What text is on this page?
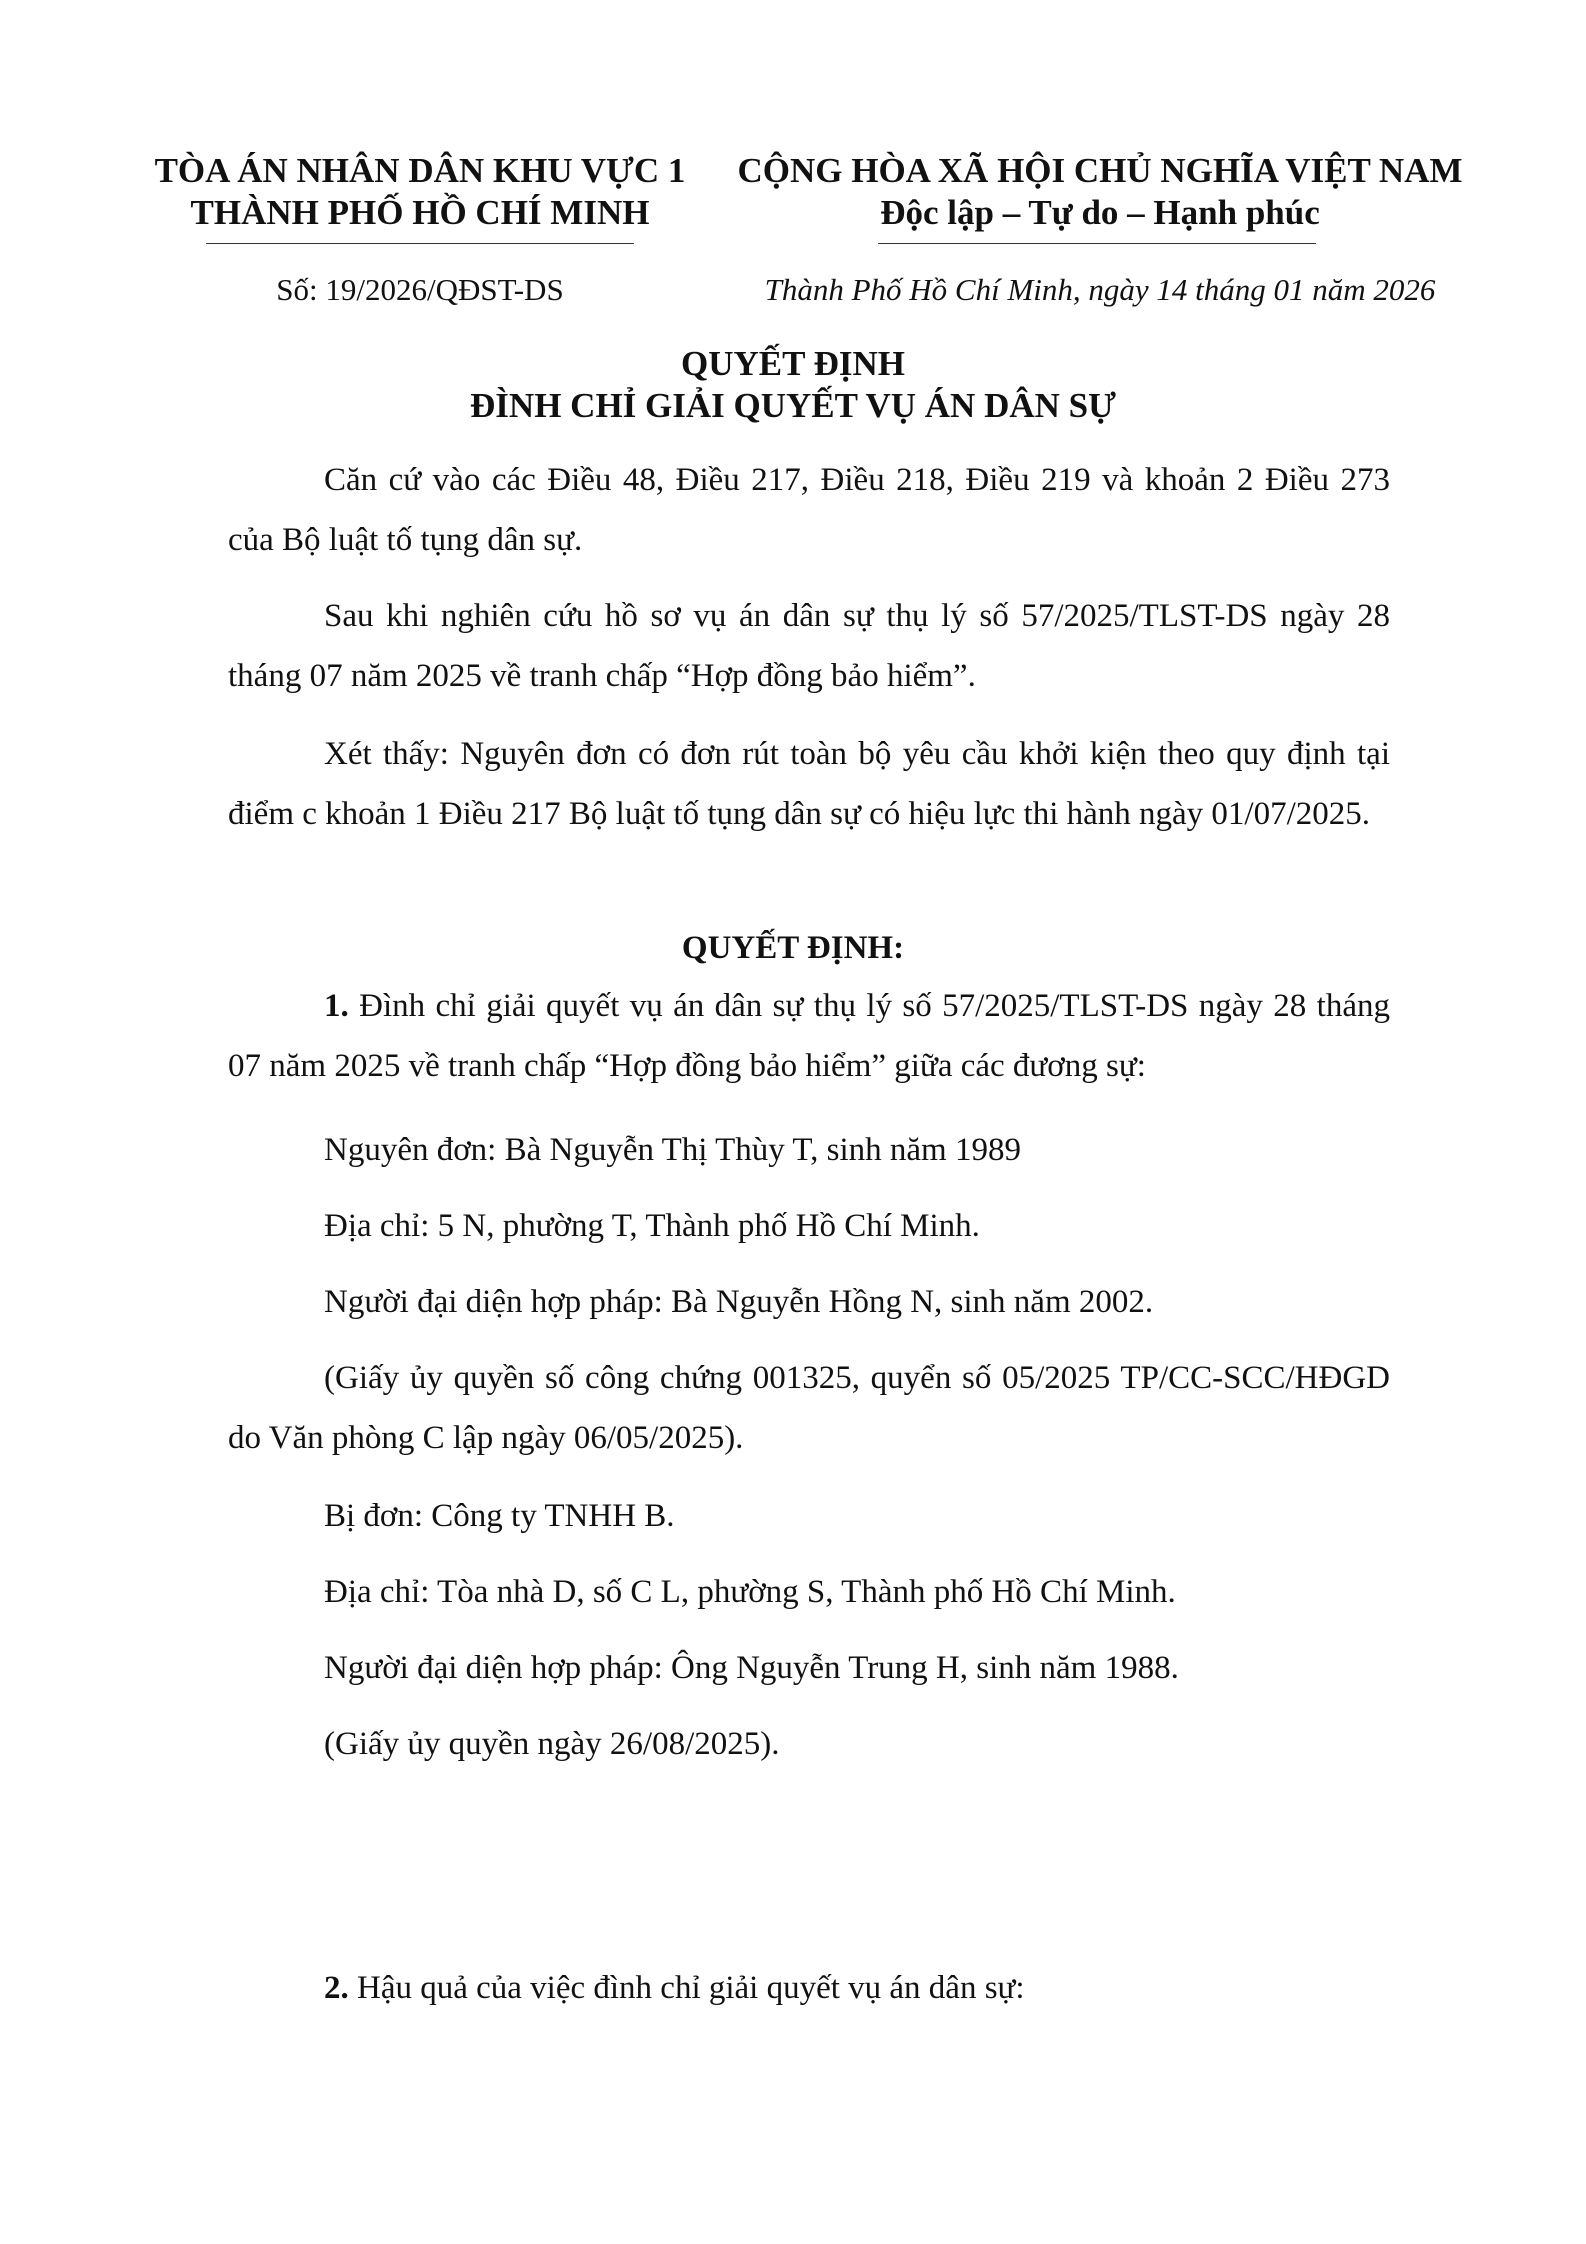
TÒA ÁN NHÂN DÂN KHU VỰC 1
THÀNH PHỐ HỒ CHÍ MINH
CỘNG HÒA XÃ HỘI CHỦ NGHĨA VIỆT NAM
Độc lập – Tự do – Hạnh phúc
Số: 19/2026/QĐST-DS	Thành Phố Hồ Chí Minh, ngày 14 tháng 01 năm 2026
QUYẾT ĐỊNH
ĐÌNH CHỈ GIẢI QUYẾT VỤ ÁN DÂN SỰ
Căn cứ vào các Điều 48, Điều 217, Điều 218, Điều 219 và khoản 2 Điều 273 của Bộ luật tố tụng dân sự.
Sau khi nghiên cứu hồ sơ vụ án dân sự thụ lý số 57/2025/TLST-DS ngày 28 tháng 07 năm 2025 về tranh chấp “Hợp đồng bảo hiểm”.
Xét thấy: Nguyên đơn có đơn rút toàn bộ yêu cầu khởi kiện theo quy định tại điểm c khoản 1 Điều 217 Bộ luật tố tụng dân sự có hiệu lực thi hành ngày 01/07/2025.
QUYẾT ĐỊNH:
1. Đình chỉ giải quyết vụ án dân sự thụ lý số 57/2025/TLST-DS ngày 28 tháng 07 năm 2025 về tranh chấp “Hợp đồng bảo hiểm” giữa các đương sự:
Nguyên đơn: Bà Nguyễn Thị Thùy T, sinh năm 1989
Địa chỉ: 5 N, phường T, Thành phố Hồ Chí Minh.
Người đại diện hợp pháp: Bà Nguyễn Hồng N, sinh năm 2002.
(Giấy ủy quyền số công chứng 001325, quyển số 05/2025 TP/CC-SCC/HĐGD do Văn phòng C lập ngày 06/05/2025).
Bị đơn: Công ty TNHH B.
Địa chỉ: Tòa nhà D, số C L, phường S, Thành phố Hồ Chí Minh.
Người đại diện hợp pháp: Ông Nguyễn Trung H, sinh năm 1988.
(Giấy ủy quyền ngày 26/08/2025).
2. Hậu quả của việc đình chỉ giải quyết vụ án dân sự:
